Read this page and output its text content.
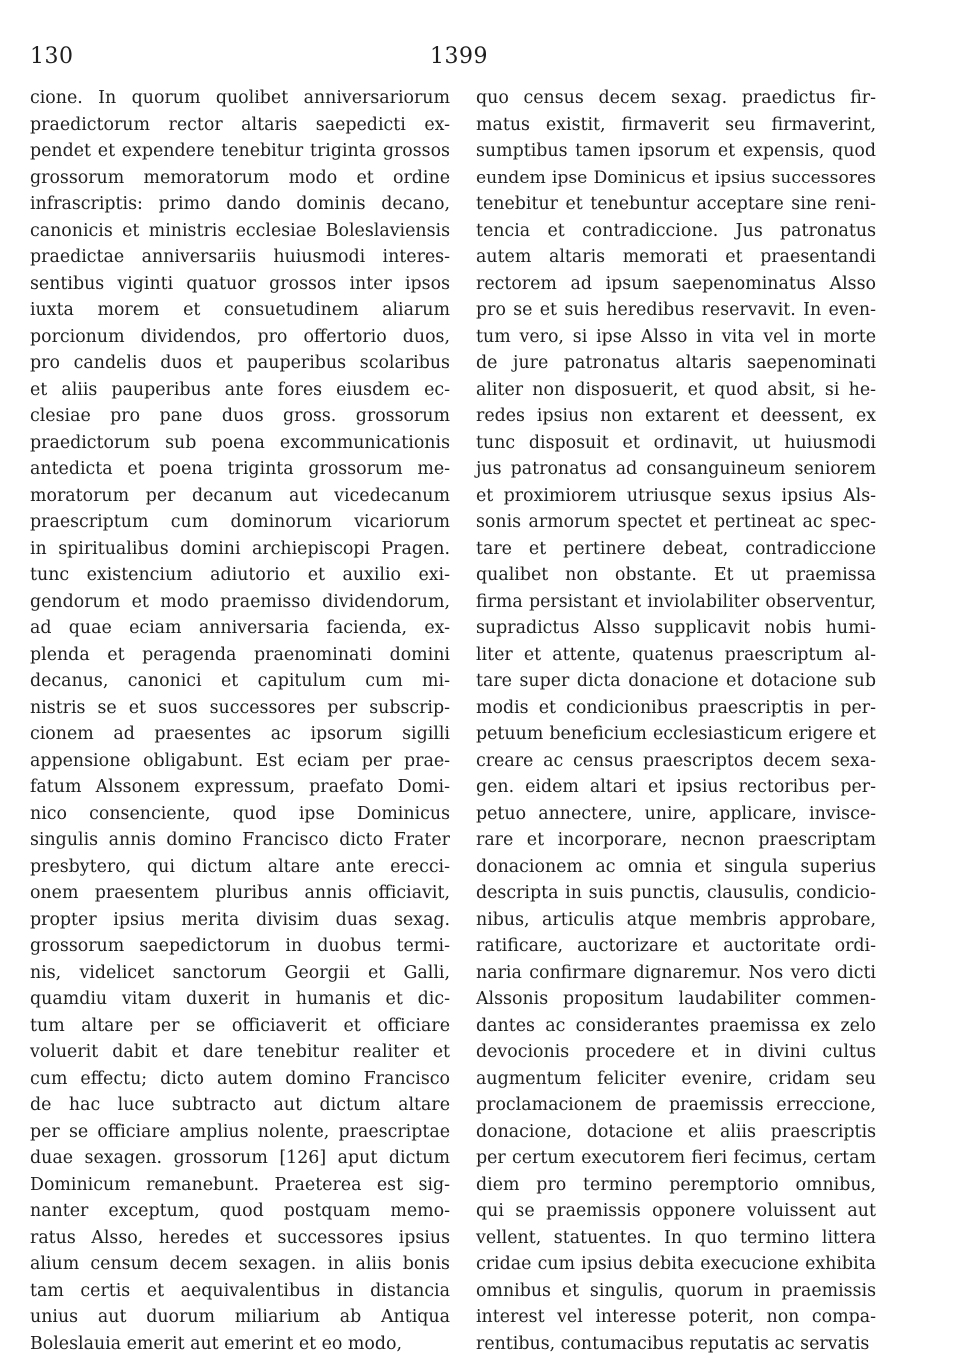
130	1399
cione. In quorum quolibet anniversariorum
praedictorum rector altaris saepedicti ex-
pendet et expendere tenebitur triginta grossos
grossorum memoratorum modo et ordine
infrascriptis: primo dando dominis decano,
canonicis et ministris ecclesiae Boleslaviensis
praedictae anniversariis huiusmodi interes-
sentibus viginti quatuor grossos inter ipsos
iuxta morem et consuetudinem aliarum
porcionum dividendos, pro offertorio duos,
pro candelis duos et pauperibus scolaribus
et aliis pauperibus ante fores eiusdem ec-
clesiae pro pane duos gross. grossorum
praedictorum sub poena excommunicationis
antedicta et poena triginta grossorum me-
moratorum per decanum aut vicedecanum
praescriptum cum dominorum vicariorum
in spiritualibus domini archiepiscopi Pragen.
tunc existencium adiutorio et auxilio exi-
gendorum et modo praemisso dividendorum,
ad quae eciam anniversaria facienda, ex-
plenda et peragenda praenominati domini
decanus, canonici et capitulum cum mi-
nistris se et suos successores per subscrip-
cionem ad praesentes ac ipsorum sigilli
appensione obligabunt. Est eciam per prae-
fatum Alssonem expressum, praefato Domi-
nico consenciente, quod ipse Dominicus
singulis annis domino Francisco dicto Frater
presbytero, qui dictum altare ante erecci-
onem praesentem pluribus annis officiavit,
propter ipsius merita divisim duas sexag.
grossorum saepedictorum in duobus termi-
nis, videlicet sanctorum Georgii et Galli,
quamdiu vitam duxerit in humanis et dic-
tum altare per se officiaverit et officiare
voluerit dabit et dare tenebitur realiter et
cum effectu; dicto autem domino Francisco
de hac luce subtracto aut dictum altare
per se officiare amplius nolente, praescriptae
duae sexagen. grossorum [126] aput dictum
Dominicum remanebunt. Praeterea est sig-
nanter exceptum, quod postquam memo-
ratus Alsso, heredes et successores ipsius
alium censum decem sexagen. in aliis bonis
tam certis et aequivalentibus in distancia
unius aut duorum miliarium ab Antiqua
Boleslauia emerit aut emerint et eo modo,
quo census decem sexag. praedictus fir-
matus existit, firmaverit seu firmaverint,
sumptibus tamen ipsorum et expensis, quod
eundem ipse Dominicus et ipsius successores
tenebitur et tenebuntur acceptare sine reni-
tencia et contradiccione. Jus patronatus
autem altaris memorati et praesentandi
rectorem ad ipsum saepenominatus Alsso
pro se et suis heredibus reservavit. In even-
tum vero, si ipse Alsso in vita vel in morte
de jure patronatus altaris saepenominati
aliter non disposuerit, et quod absit, si he-
redes ipsius non extarent et deessent, ex
tunc disposuit et ordinavit, ut huiusmodi
jus patronatus ad consanguineum seniorem
et proximiorem utriusque sexus ipsius Als-
sonis armorum spectet et pertineat ac spec-
tare et pertinere debeat, contradiccione
qualibet non obstante. Et ut praemissa
firma persistant et inviolabiliter observentur,
supradictus Alsso supplicavit nobis humi-
liter et attente, quatenus praescriptum al-
tare super dicta donacione et dotacione sub
modis et condicionibus praescriptis in per-
petuum beneficium ecclesiasticum erigere et
creare ac census praescriptos decem sexa-
gen. eidem altari et ipsius rectoribus per-
petuo annectere, unire, applicare, invisce-
rare et incorporare, necnon praescriptam
donacionem ac omnia et singula superius
descripta in suis punctis, clausulis, condicio-
nibus, articulis atque membris approbare,
ratificare, auctorizare et auctoritate ordi-
naria confirmare dignaremur. Nos vero dicti
Alssonis propositum laudabiliter commen-
dantes ac considerantes praemissa ex zelo
devocionis procedere et in divini cultus
augmentum feliciter evenire, cridam seu
proclamacionem de praemissis erreccione,
donacione, dotacione et aliis praescriptis
per certum executorem fieri fecimus, certam
diem pro termino peremptorio omnibus,
qui se praemissis opponere voluissent aut
vellent, statuentes. In quo termino littera
cridae cum ipsius debita execucione exhibita
omnibus et singulis, quorum in praemissis
interest vel interesse poterit, non compa-
rentibus, contumacibus reputatis ac servatis
